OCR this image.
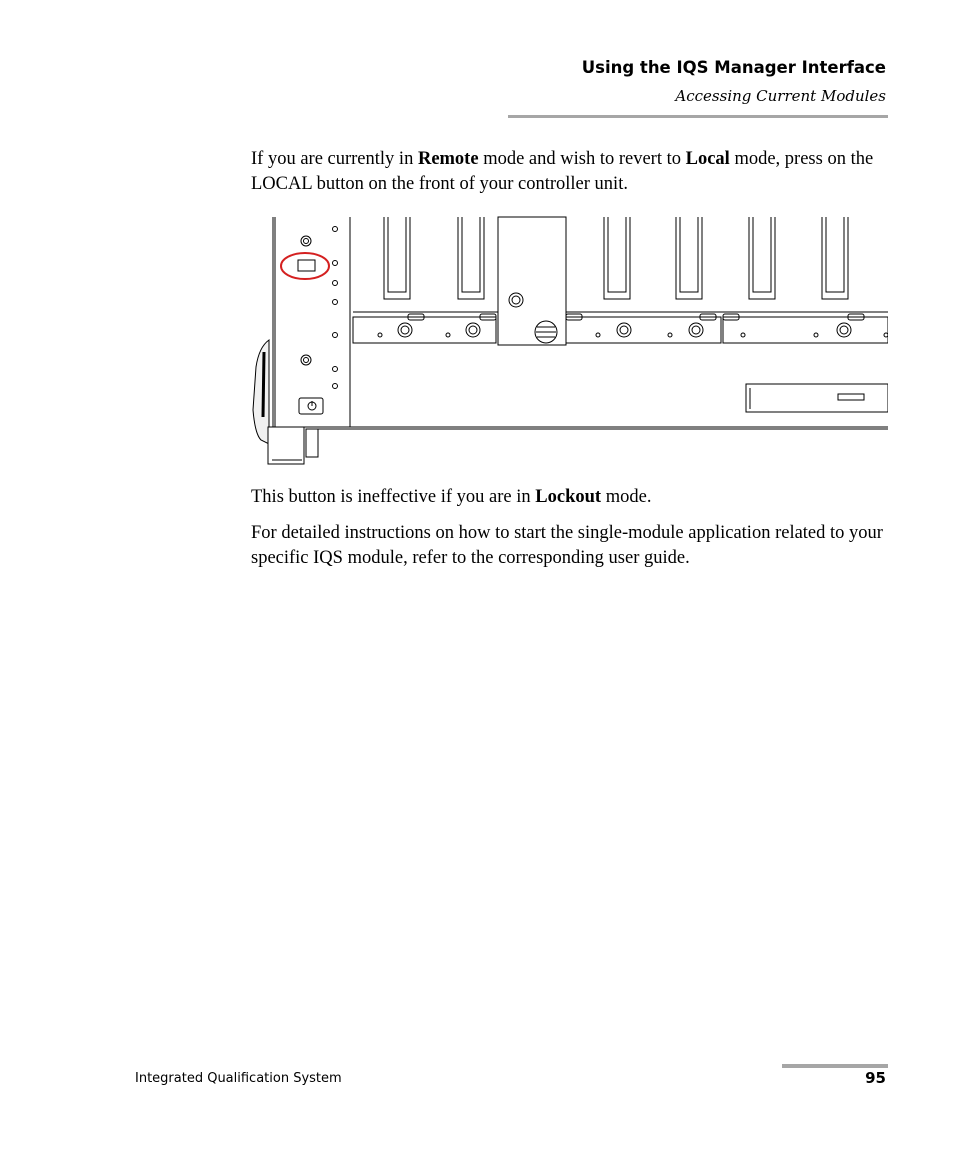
Using the IQS Manager Interface
Accessing Current Modules
If you are currently in Remote mode and wish to revert to Local mode, press on the LOCAL button on the front of your controller unit.
This button is ineffective if you are in Lockout mode.
For detailed instructions on how to start the single-module application related to your specific IQS module, refer to the corresponding user guide.
Integrated Qualification System	95
